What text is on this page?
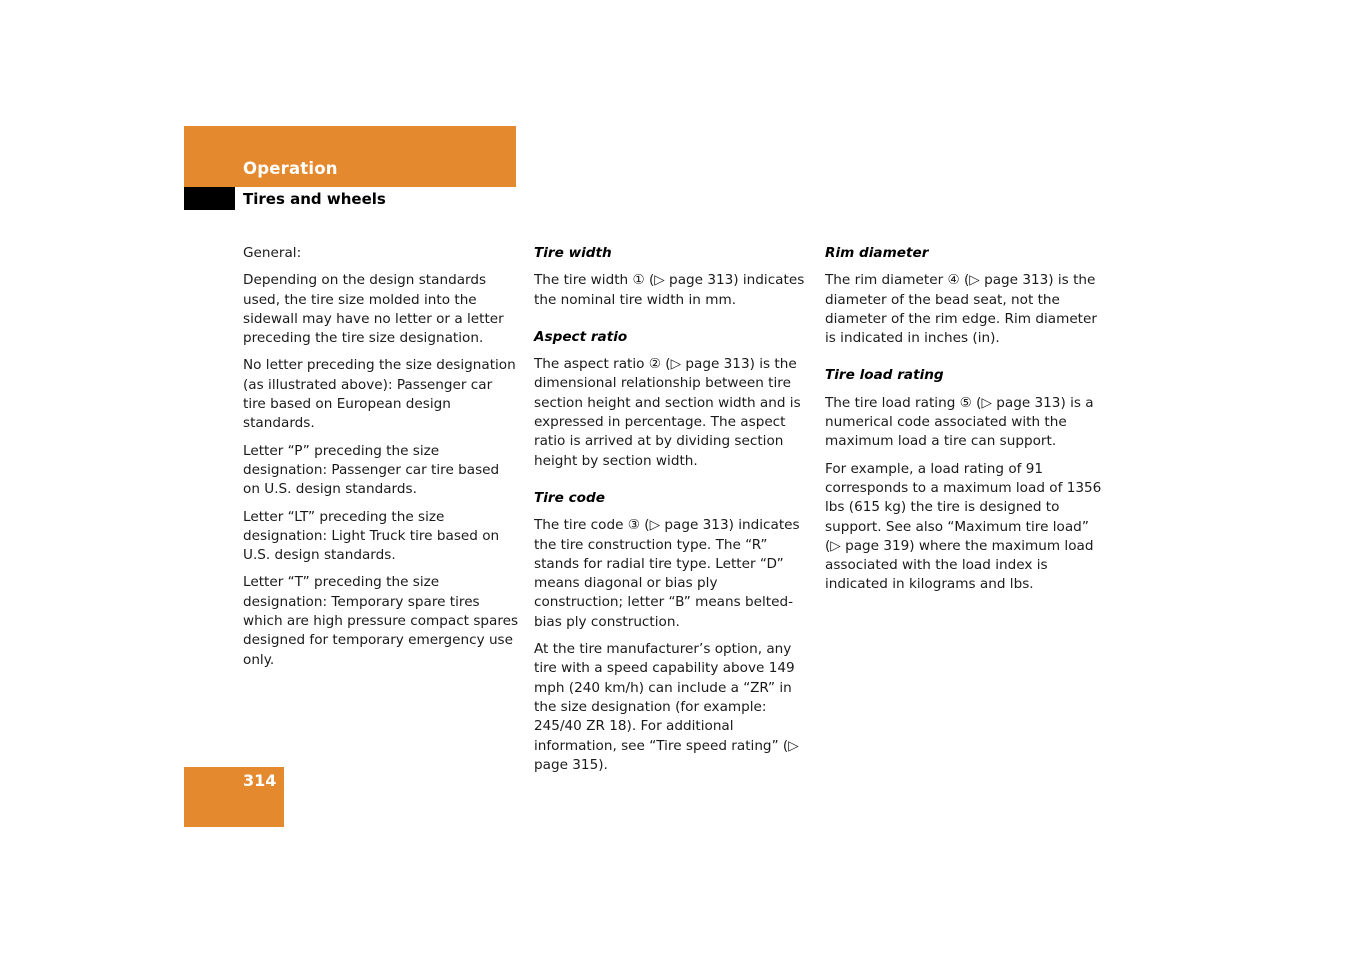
Operation
Tires and wheels

General:

Depending on the design standards used, the tire size molded into the sidewall may have no letter or a letter preceding the tire size designation.

No letter preceding the size designation (as illustrated above): Passenger car tire based on European design standards.

Letter “P” preceding the size designation: Passenger car tire based on U.S. design standards.

Letter “LT” preceding the size designation: Light Truck tire based on U.S. design standards.

Letter “T” preceding the size designation: Temporary spare tires which are high pressure compact spares designed for temporary emergency use only.

Tire width

The tire width ① (▷ page 313) indicates the nominal tire width in mm.

Aspect ratio

The aspect ratio ② (▷ page 313) is the dimensional relationship between tire section height and section width and is expressed in percentage. The aspect ratio is arrived at by dividing section height by section width.

Tire code

The tire code ③ (▷ page 313) indicates the tire construction type. The “R” stands for radial tire type. Letter “D” means diagonal or bias ply construction; letter “B” means belted-bias ply construction.

At the tire manufacturer’s option, any tire with a speed capability above 149 mph (240 km/h) can include a “ZR” in the size designation (for example: 245/40 ZR 18). For additional information, see “Tire speed rating” (▷ page 315).

Rim diameter

The rim diameter ④ (▷ page 313) is the diameter of the bead seat, not the diameter of the rim edge. Rim diameter is indicated in inches (in).

Tire load rating

The tire load rating ⑤ (▷ page 313) is a numerical code associated with the maximum load a tire can support.

For example, a load rating of 91 corresponds to a maximum load of 1356 lbs (615 kg) the tire is designed to support. See also “Maximum tire load” (▷ page 319) where the maximum load associated with the load index is indicated in kilograms and lbs.

314
